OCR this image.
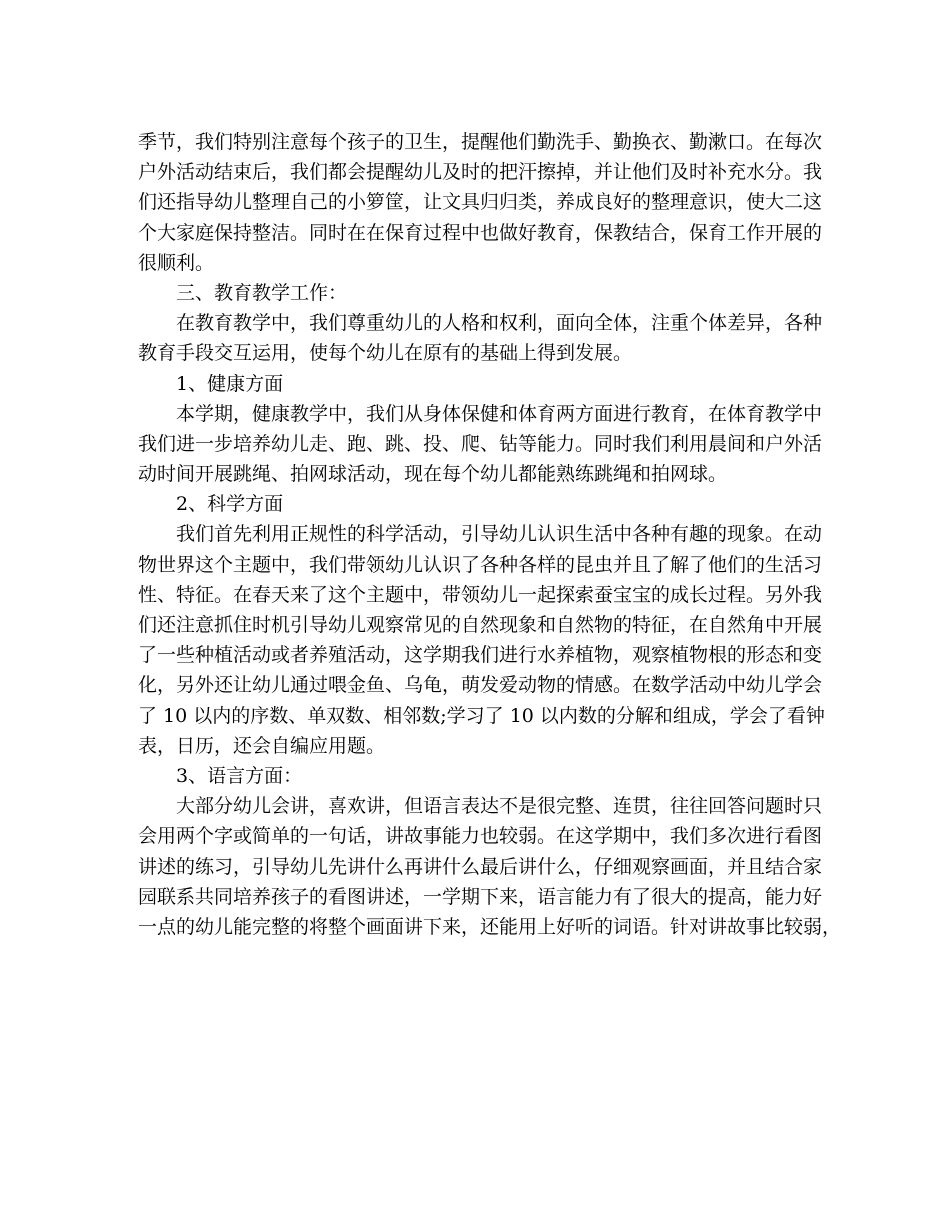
季节，我们特别注意每个孩子的卫生，提醒他们勤洗手、勤换衣、勤漱口。在每次
户外活动结束后，我们都会提醒幼儿及时的把汗擦掉，并让他们及时补充水分。我
们还指导幼儿整理自己的小箩筐，让文具归归类，养成良好的整理意识，使大二这
个大家庭保持整洁。同时在在保育过程中也做好教育，保教结合，保育工作开展的
很顺利。
三、教育教学工作：
在教育教学中，我们尊重幼儿的人格和权利，面向全体，注重个体差异，各种
教育手段交互运用，使每个幼儿在原有的基础上得到发展。
1、健康方面
本学期，健康教学中，我们从身体保健和体育两方面进行教育，在体育教学中
我们进一步培养幼儿走、跑、跳、投、爬、钻等能力。同时我们利用晨间和户外活
动时间开展跳绳、拍网球活动，现在每个幼儿都能熟练跳绳和拍网球。
2、科学方面
我们首先利用正规性的科学活动，引导幼儿认识生活中各种有趣的现象。在动
物世界这个主题中，我们带领幼儿认识了各种各样的昆虫并且了解了他们的生活习
性、特征。在春天来了这个主题中，带领幼儿一起探索蚕宝宝的成长过程。另外我
们还注意抓住时机引导幼儿观察常见的自然现象和自然物的特征，在自然角中开展
了一些种植活动或者养殖活动，这学期我们进行水养植物，观察植物根的形态和变
化，另外还让幼儿通过喂金鱼、乌龟，萌发爱动物的情感。在数学活动中幼儿学会
了 10 以内的序数、单双数、相邻数;学习了 10 以内数的分解和组成，学会了看钟
表，日历，还会自编应用题。
3、语言方面：
大部分幼儿会讲，喜欢讲，但语言表达不是很完整、连贯，往往回答问题时只
会用两个字或简单的一句话，讲故事能力也较弱。在这学期中，我们多次进行看图
讲述的练习，引导幼儿先讲什么再讲什么最后讲什么，仔细观察画面，并且结合家
园联系共同培养孩子的看图讲述，一学期下来，语言能力有了很大的提高，能力好
一点的幼儿能完整的将整个画面讲下来，还能用上好听的词语。针对讲故事比较弱，
